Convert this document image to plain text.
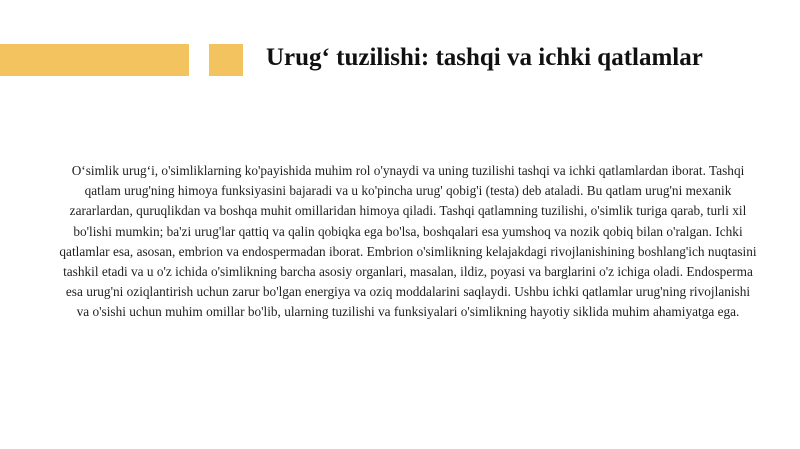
Urug‘ tuzilishi: tashqi va ichki qatlamlar
O‘simlik urug‘i, o'simliklarning ko'payishida muhim rol o'ynaydi va uning tuzilishi tashqi va ichki qatlamlardan iborat. Tashqi qatlam urug'ning himoya funksiyasini bajaradi va u ko'pincha urug' qobig'i (testa) deb ataladi. Bu qatlam urug'ni mexanik zararlardan, quruqlikdan va boshqa muhit omillaridan himoya qiladi. Tashqi qatlamning tuzilishi, o'simlik turiga qarab, turli xil bo'lishi mumkin; ba'zi urug'lar qattiq va qalin qobiqka ega bo'lsa, boshqalari esa yumshoq va nozik qobiq bilan o'ralgan. Ichki qatlamlar esa, asosan, embrion va endospermadan iborat. Embrion o'simlikning kelajakdagi rivojlanishining boshlang'ich nuqtasini tashkil etadi va u o'z ichida o'simlikning barcha asosiy organlari, masalan, ildiz, poyasi va barglarini o'z ichiga oladi. Endosperma esa urug'ni oziqlantirish uchun zarur bo'lgan energiya va oziq moddalarini saqlaydi. Ushbu ichki qatlamlar urug'ning rivojlanishi va o'sishi uchun muhim omillar bo'lib, ularning tuzilishi va funksiyalari o'simlikning hayotiy siklida muhim ahamiyatga ega.
